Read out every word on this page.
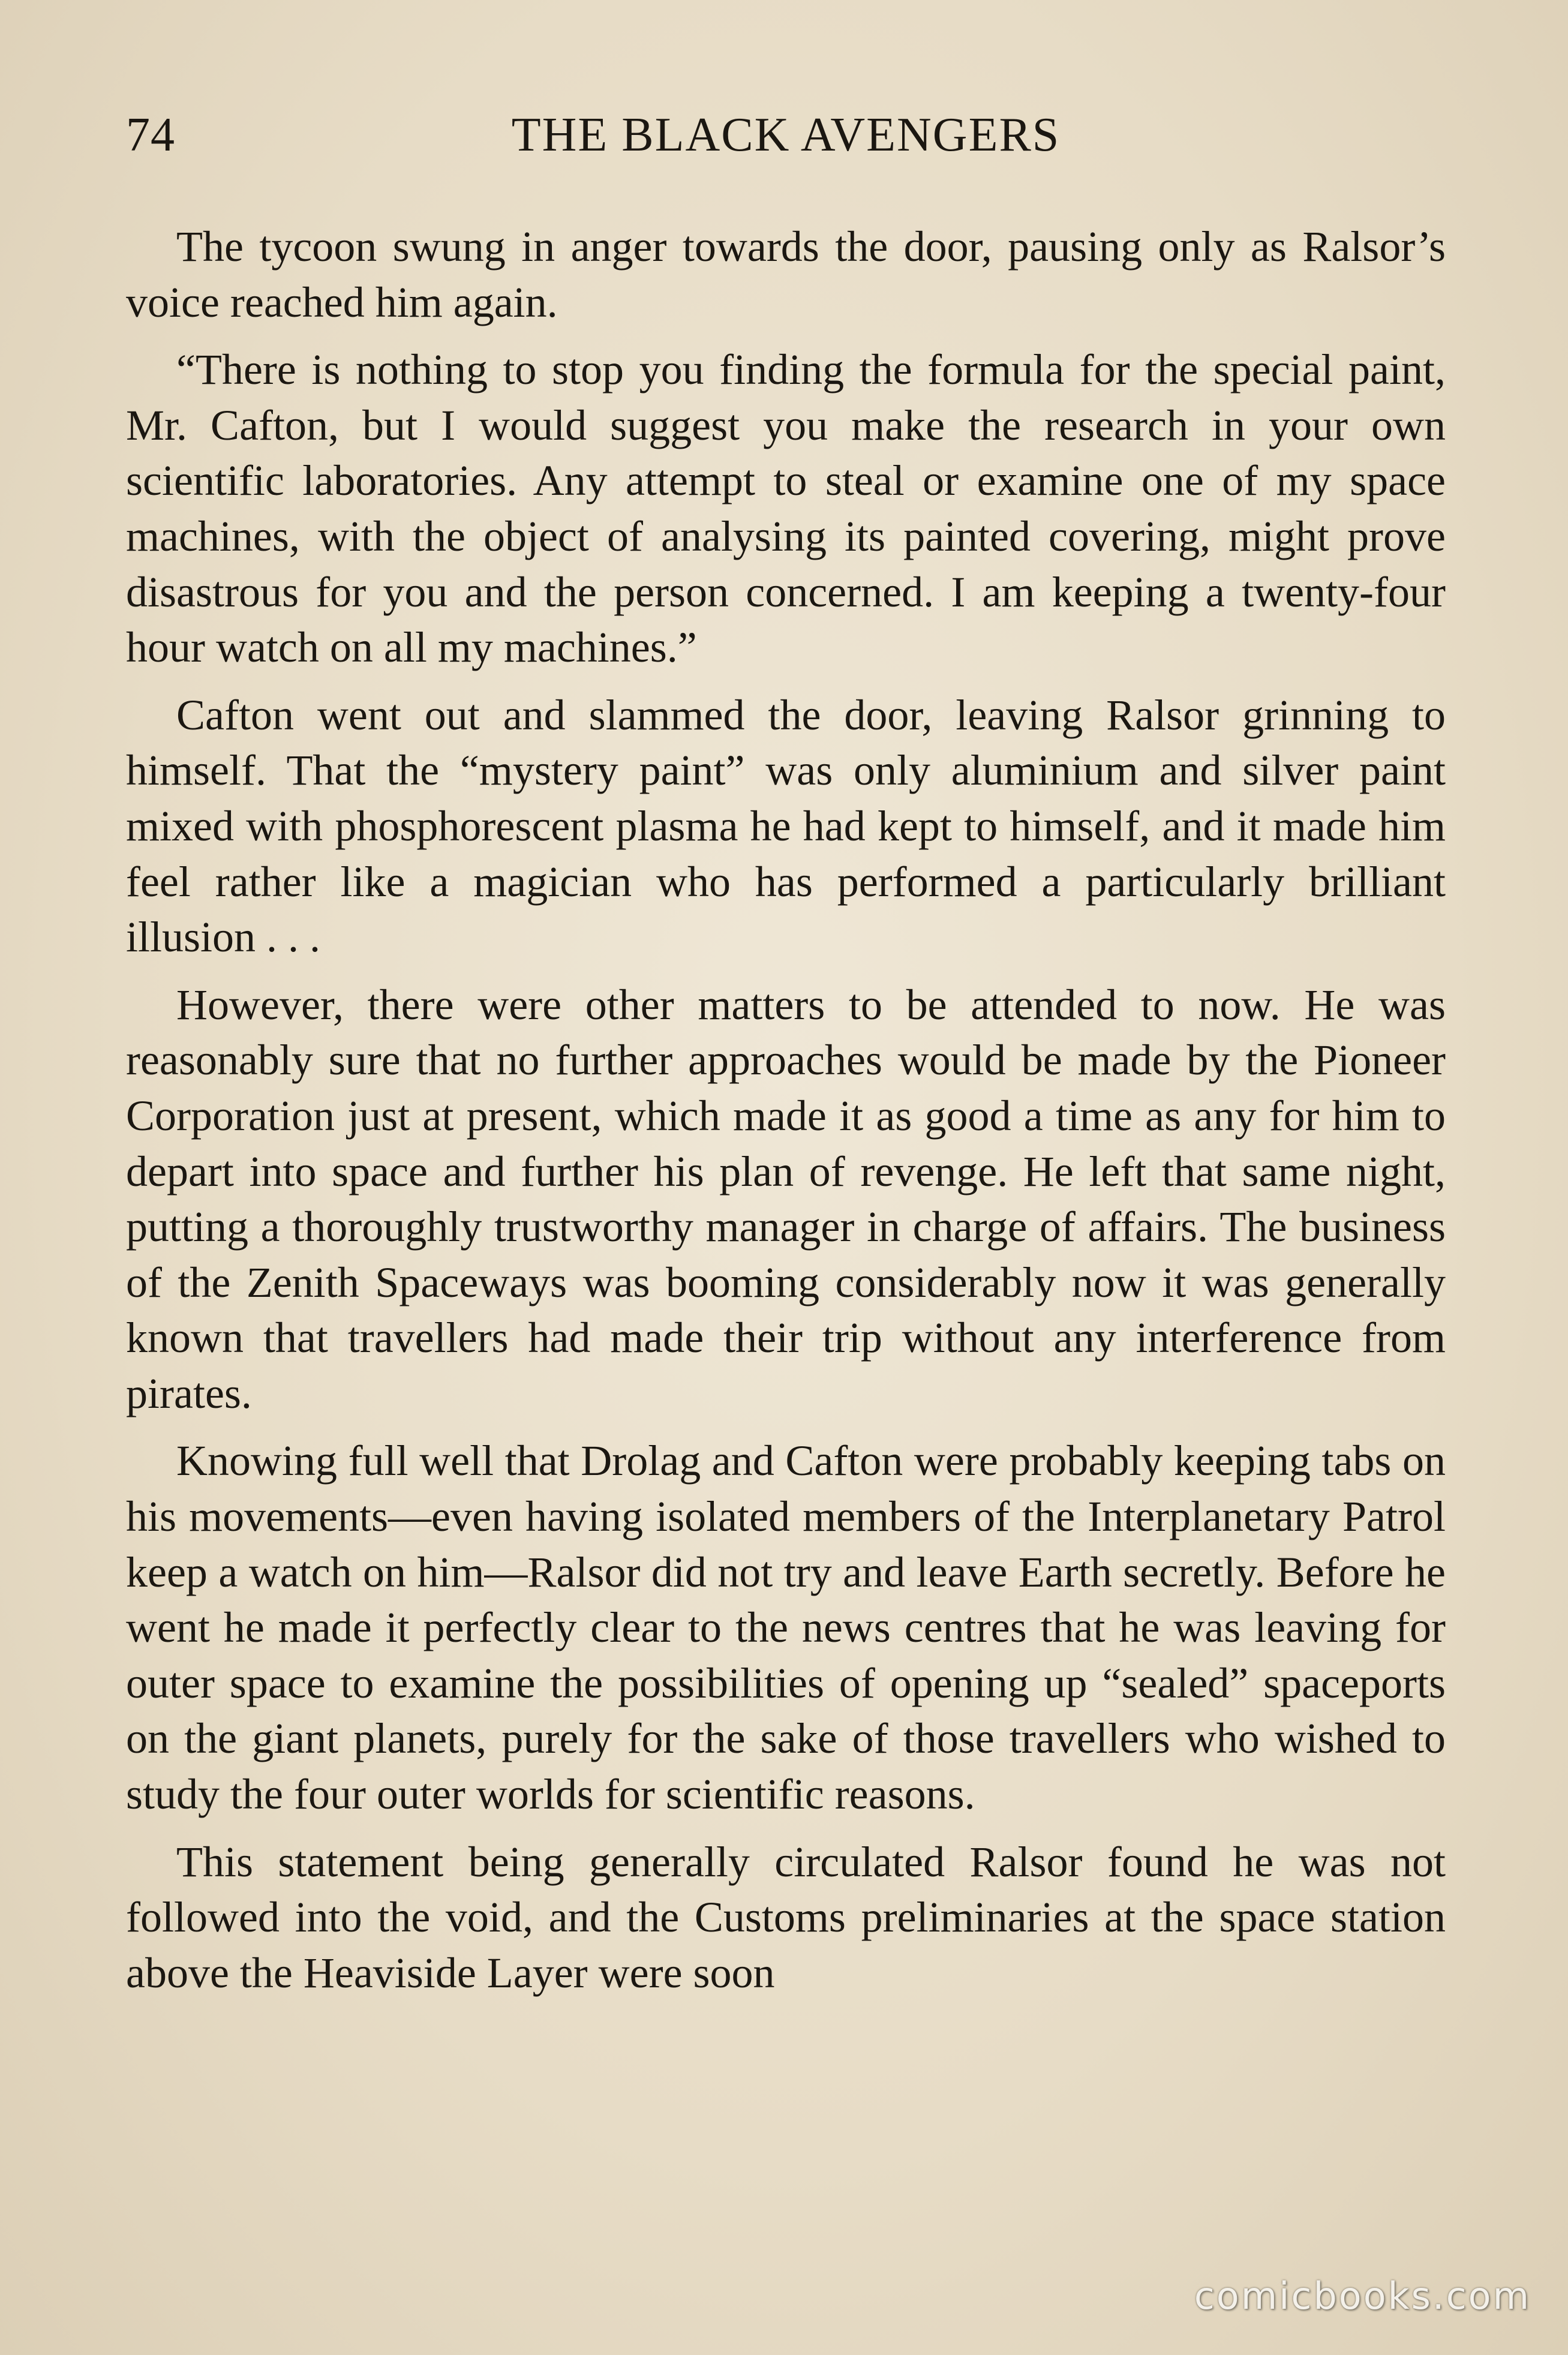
74	THE BLACK AVENGERS

The tycoon swung in anger towards the door, pausing only as Ralsor’s voice reached him again.

“There is nothing to stop you finding the formula for the special paint, Mr. Cafton, but I would suggest you make the research in your own scientific laboratories. Any attempt to steal or examine one of my space machines, with the object of analysing its painted covering, might prove disastrous for you and the person concerned. I am keeping a twenty-four hour watch on all my machines.”

Cafton went out and slammed the door, leaving Ralsor grinning to himself. That the “mystery paint” was only aluminium and silver paint mixed with phosphorescent plasma he had kept to himself, and it made him feel rather like a magician who has performed a particularly brilliant illusion . . .

However, there were other matters to be attended to now. He was reasonably sure that no further approaches would be made by the Pioneer Corporation just at present, which made it as good a time as any for him to depart into space and further his plan of revenge. He left that same night, putting a thoroughly trustworthy manager in charge of affairs. The business of the Zenith Spaceways was booming considerably now it was generally known that travellers had made their trip without any interference from pirates.

Knowing full well that Drolag and Cafton were probably keeping tabs on his movements—even having isolated members of the Interplanetary Patrol keep a watch on him—Ralsor did not try and leave Earth secretly. Before he went he made it perfectly clear to the news centres that he was leaving for outer space to examine the possibilities of opening up “sealed” spaceports on the giant planets, purely for the sake of those travellers who wished to study the four outer worlds for scientific reasons.

This statement being generally circulated Ralsor found he was not followed into the void, and the Customs preliminaries at the space station above the Heaviside Layer were soon

comicbooks.com
